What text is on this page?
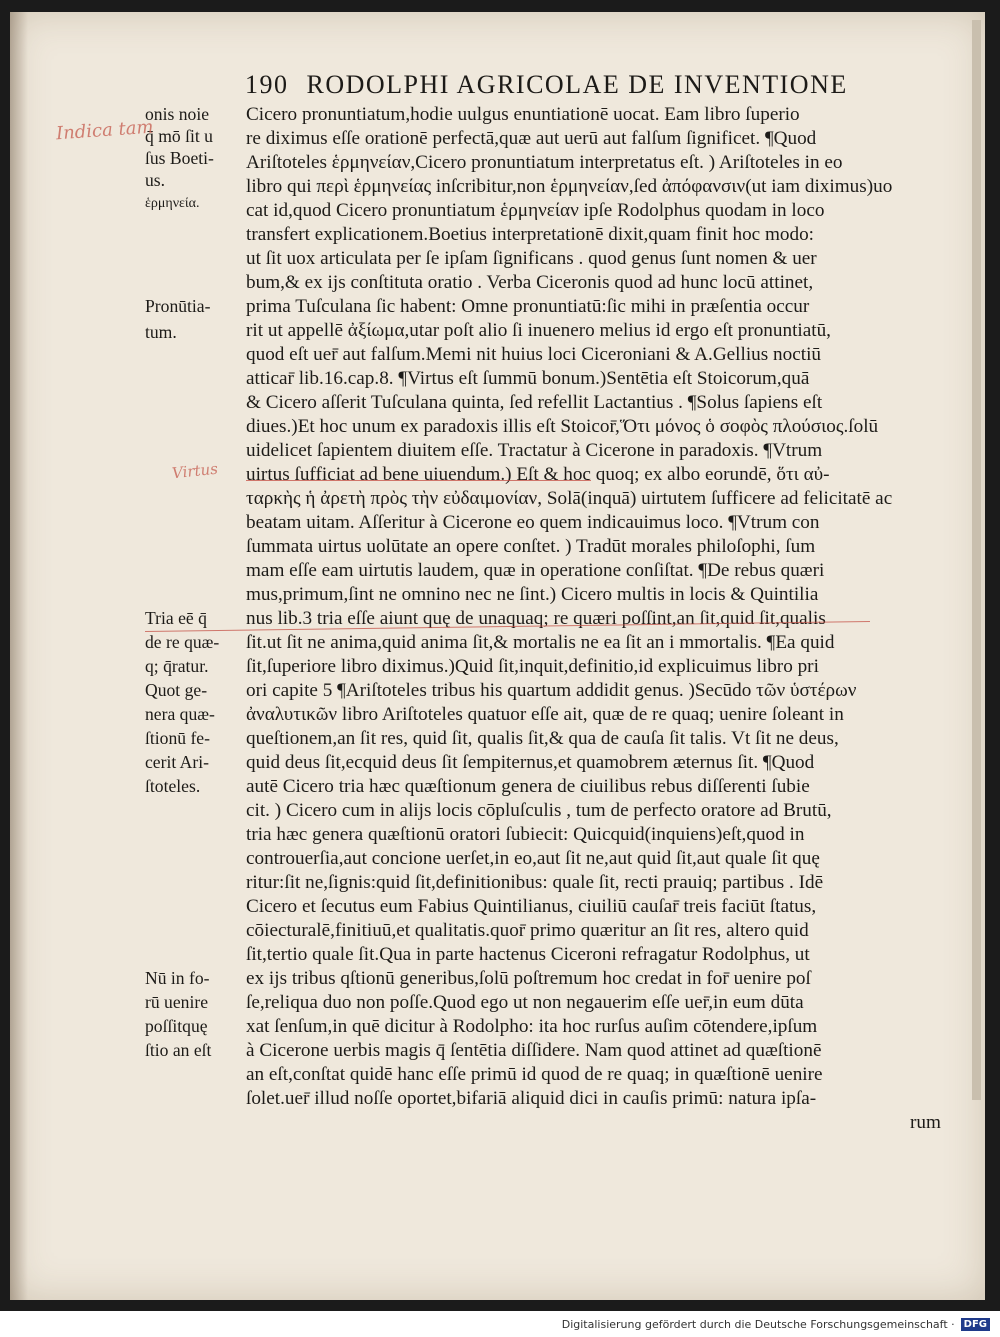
190 RODOLPHI AGRICOLAE DE INVENTIONE
Cicero pronuntiatum,hodie uulgus enuntiationē uocat. Eam libro ſuperio
re diximus eſſe orationē perfectā,quæ aut uerū aut falſum ſignificet. ¶Quod
Ariſtoteles ἑρμηνείαν,Cicero pronuntiatum interpretatus eſt. ) Ariſtoteles in eo
libro qui περὶ ἑρμηνείας inſcribitur,non ἑρμηνείαν,ſed ἀπόφανσιν(ut iam diximus)uo
cat id,quod Cicero pronuntiatum ἑρμηνείαν ipſe Rodolphus quodam in loco
transfert explicationem.Boetius interpretationē dixit,quam finit hoc modo:
ut ſit uox articulata per ſe ipſam ſignificans . quod genus ſunt nomen & uer
bum,& ex ijs conſtituta oratio . Verba Ciceronis quod ad hunc locū attinet,
prima Tuſculana ſic habent: Omne pronuntiatū:ſic mihi in præſentia occur
rit ut appellē ἀξίωμα,utar poſt alio ſi inuenero melius id ergo eſt pronuntiatū,
quod eſt uer̄ aut falſum.Memi nit huius loci Ciceroniani & A.Gellius noctiū
atticar̄ lib.16.cap.8. ¶Virtus eſt ſummū bonum.)Sentētia eſt Stoicorum,quā
& Cicero aſſerit Tuſculana quinta, ſed refellit Lactantius . ¶Solus ſapiens eſt
diues.)Et hoc unum ex paradoxis illis eſt Stoicor̄,Ὅτι μόνος ὁ σοφὸς πλούσιος.ſolū
uidelicet ſapientem diuitem eſſe. Tractatur à Cicerone in paradoxis. ¶Vtrum
uirtus ſufficiat ad bene uiuendum.) Eſt & hoc quoq; ex albo eorundē, ὅτι αὐ-
ταρκὴς ἡ ἀρετὴ πρὸς τὴν εὐδαιμονίαν, Solā(inquā) uirtutem ſufficere ad felicitatē ac
beatam uitam. Aſſeritur à Cicerone eo quem indicauimus loco. ¶Vtrum con
ſummata uirtus uolūtate an opere conſtet. ) Tradūt morales philoſophi, ſum
mam eſſe eam uirtutis laudem, quæ in operatione conſiſtat. ¶De rebus quæri
mus,primum,ſint ne omnino nec ne ſint.) Cicero multis in locis & Quintilia
nus lib.3 tria eſſe aiunt quę de unaquaq; re quæri poſſint,an ſit,quid ſit,qualis
ſit.ut ſit ne anima,quid anima ſit,& mortalis ne ea ſit an i mmortalis. ¶Ea quid
ſit,ſuperiore libro diximus.)Quid ſit,inquit,definitio,id explicuimus libro pri
ori capite 5 ¶Ariſtoteles tribus his quartum addidit genus. )Secūdo τῶν ὑστέρων
ἀναλυτικῶν libro Ariſtoteles quatuor eſſe ait, quæ de re quaq; uenire ſoleant in
queſtionem,an ſit res, quid ſit, qualis ſit,& qua de cauſa ſit talis. Vt ſit ne deus,
quid deus ſit,ecquid deus ſit ſempiternus,et quamobrem æternus ſit. ¶Quod
autē Cicero tria hæc quæſtionum genera de ciuilibus rebus diſſerenti ſubie
cit. ) Cicero cum in alijs locis cōpluſculis , tum de perfecto oratore ad Brutū,
tria hæc genera quæſtionū oratori ſubiecit: Quicquid(inquiens)eſt,quod in
controuerſia,aut concione uerſet,in eo,aut ſit ne,aut quid ſit,aut quale ſit quę
ritur:ſit ne,ſignis:quid ſit,definitionibus: quale ſit, recti prauiq; partibus . Idē
Cicero et ſecutus eum Fabius Quintilianus, ciuiliū cauſar̄ treis faciūt ſtatus,
cōiecturalē,finitiuū,et qualitatis.quor̄ primo quæritur an ſit res, altero quid
ſit,tertio quale ſit.Qua in parte hactenus Ciceroni refragatur Rodolphus, ut
ex ijs tribus qſtionū generibus,ſolū poſtremum hoc credat in for̄ uenire poſ
ſe,reliqua duo non poſſe.Quod ego ut non negauerim eſſe uer̄,in eum dūta
xat ſenſum,in quē dicitur à Rodolpho: ita hoc rurſus auſim cōtendere,ipſum
à Cicerone uerbis magis q̄ ſentētia diſſidere. Nam quod attinet ad quæſtionē
an eſt,conſtat quidē hanc eſſe primū id quod de re quaq; in quæſtionē uenire
ſolet.uer̄ illud noſſe oportet,bifariā aliquid dici in cauſis primū: natura ipſa-
rum
onis noie
q̄ mō ſit u
ſus Boeti-
us.
ἑρμηνεία.
Pronūtia-
tum.
Tria eē q̄
de re quæ-
q; q̄ratur.
Quot ge-
nera quæ-
ſtionū fe-
cerit Ari-
ſtoteles.
Nū in fo-
rū uenire
poſſitquę
ſtio an eſt
Indica tam
Virtus
Digitalisierung gefördert durch die Deutsche Forschungsgemeinschaft · DFG
